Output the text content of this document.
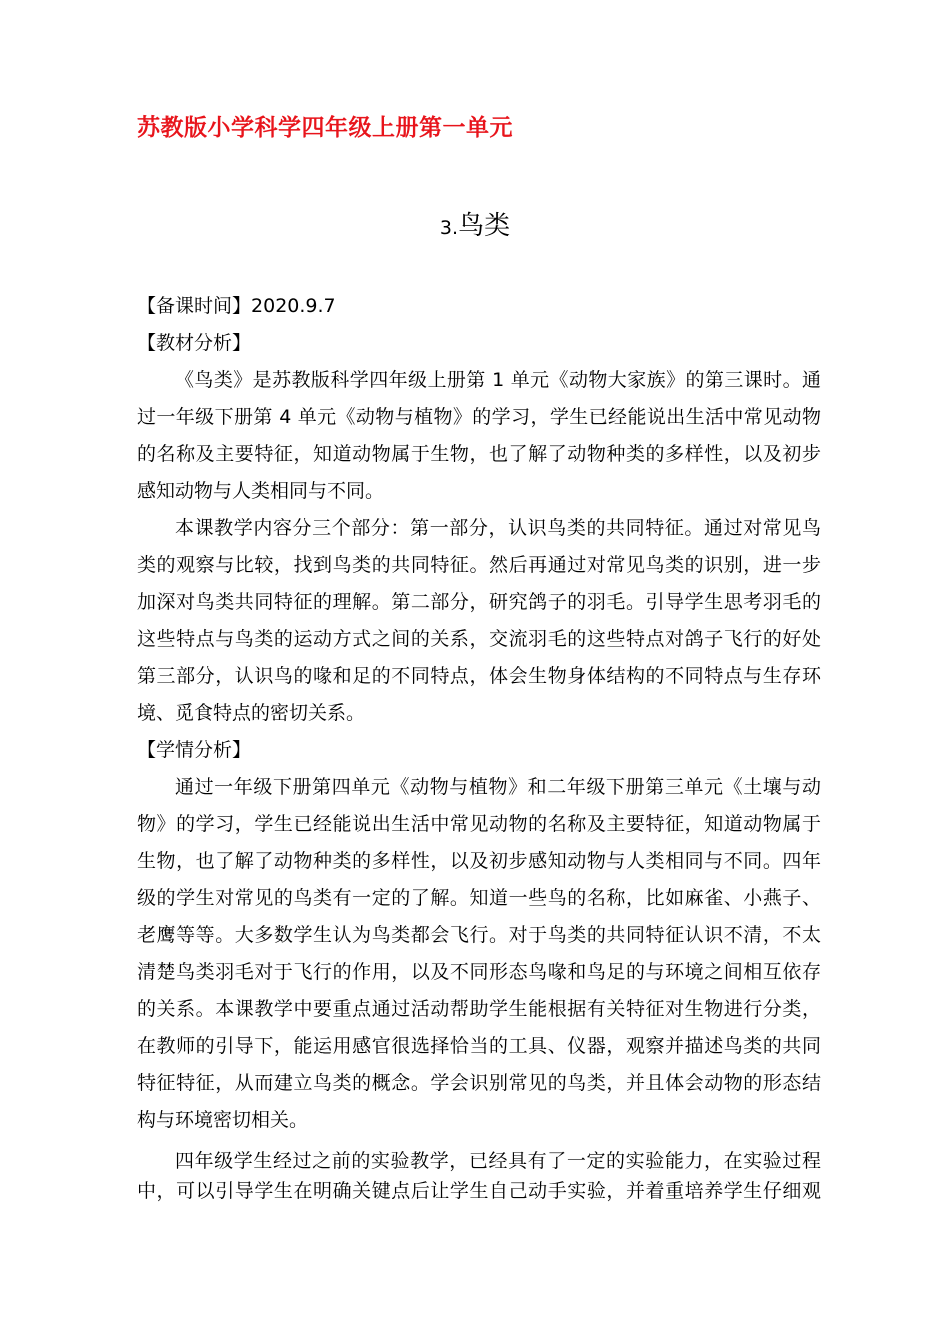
苏教版小学科学四年级上册第一单元
3.鸟类
【备课时间】2020.9.7
【教材分析】
《鸟类》是苏教版科学四年级上册第 1 单元《动物大家族》的第三课时。通
过一年级下册第 4 单元《动物与植物》的学习，学生已经能说出生活中常见动物
的名称及主要特征，知道动物属于生物，也了解了动物种类的多样性，以及初步
感知动物与人类相同与不同。
本课教学内容分三个部分：第一部分，认识鸟类的共同特征。通过对常见鸟
类的观察与比较，找到鸟类的共同特征。然后再通过对常见鸟类的识别，进一步
加深对鸟类共同特征的理解。第二部分，研究鸽子的羽毛。引导学生思考羽毛的
这些特点与鸟类的运动方式之间的关系，交流羽毛的这些特点对鸽子飞行的好处
第三部分，认识鸟的喙和足的不同特点，体会生物身体结构的不同特点与生存环
境、觅食特点的密切关系。
【学情分析】
通过一年级下册第四单元《动物与植物》和二年级下册第三单元《土壤与动
物》的学习，学生已经能说出生活中常见动物的名称及主要特征，知道动物属于
生物，也了解了动物种类的多样性，以及初步感知动物与人类相同与不同。四年
级的学生对常见的鸟类有一定的了解。知道一些鸟的名称，比如麻雀、小燕子、
老鹰等等。大多数学生认为鸟类都会飞行。对于鸟类的共同特征认识不清，不太
清楚鸟类羽毛对于飞行的作用，以及不同形态鸟喙和鸟足的与环境之间相互依存
的关系。本课教学中要重点通过活动帮助学生能根据有关特征对生物进行分类，
在教师的引导下，能运用感官很选择恰当的工具、仪器，观察并描述鸟类的共同
特征特征，从而建立鸟类的概念。学会识别常见的鸟类，并且体会动物的形态结
构与环境密切相关。
四年级学生经过之前的实验教学，已经具有了一定的实验能力，在实验过程
中，可以引导学生在明确关键点后让学生自己动手实验，并着重培养学生仔细观
